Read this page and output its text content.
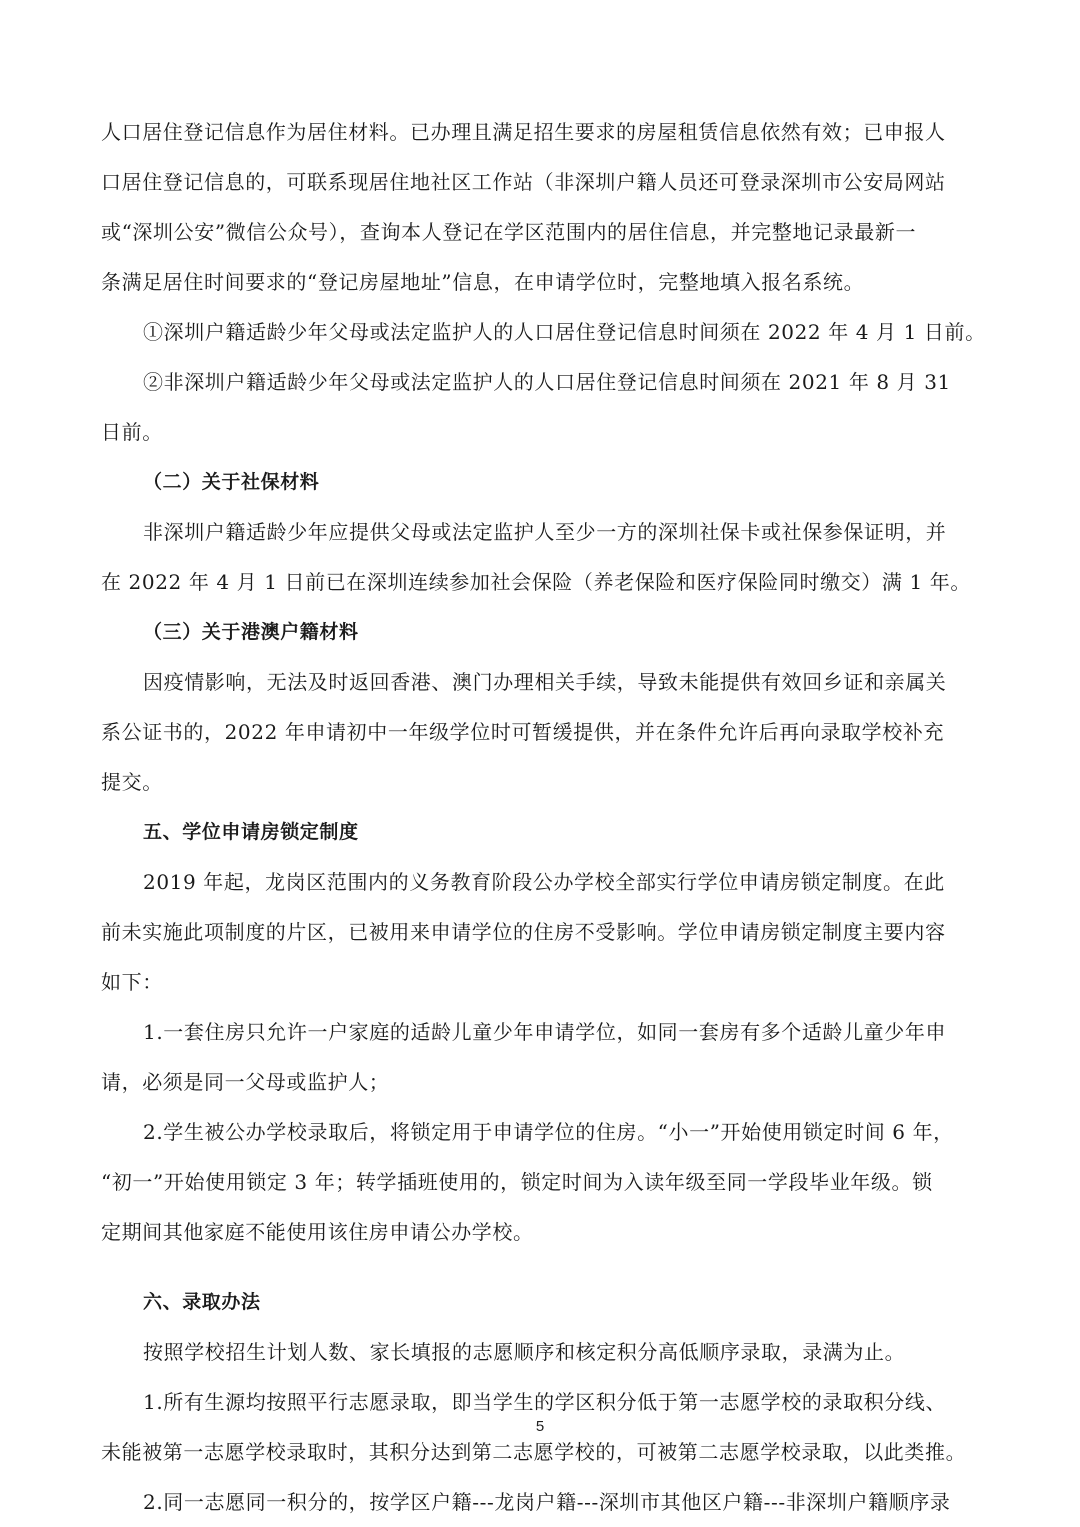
人口居住登记信息作为居住材料。已办理且满足招生要求的房屋租赁信息依然有效；已申报人
口居住登记信息的，可联系现居住地社区工作站（非深圳户籍人员还可登录深圳市公安局网站
或“深圳公安”微信公众号），查询本人登记在学区范围内的居住信息，并完整地记录最新一
条满足居住时间要求的“登记房屋地址”信息，在申请学位时，完整地填入报名系统。
①深圳户籍适龄少年父母或法定监护人的人口居住登记信息时间须在 2022 年 4 月 1 日前。
②非深圳户籍适龄少年父母或法定监护人的人口居住登记信息时间须在 2021 年 8 月 31
日前。
（二）关于社保材料
非深圳户籍适龄少年应提供父母或法定监护人至少一方的深圳社保卡或社保参保证明，并
在 2022 年 4 月 1 日前已在深圳连续参加社会保险（养老保险和医疗保险同时缴交）满 1 年。
（三）关于港澳户籍材料
因疫情影响，无法及时返回香港、澳门办理相关手续，导致未能提供有效回乡证和亲属关
系公证书的，2022 年申请初中一年级学位时可暂缓提供，并在条件允许后再向录取学校补充
提交。
五、学位申请房锁定制度
2019 年起，龙岗区范围内的义务教育阶段公办学校全部实行学位申请房锁定制度。在此
前未实施此项制度的片区，已被用来申请学位的住房不受影响。学位申请房锁定制度主要内容
如下：
1.一套住房只允许一户家庭的适龄儿童少年申请学位，如同一套房有多个适龄儿童少年申
请，必须是同一父母或监护人；
2.学生被公办学校录取后，将锁定用于申请学位的住房。“小一”开始使用锁定时间 6 年，
“初一”开始使用锁定 3 年；转学插班使用的，锁定时间为入读年级至同一学段毕业年级。锁
定期间其他家庭不能使用该住房申请公办学校。
六、录取办法
按照学校招生计划人数、家长填报的志愿顺序和核定积分高低顺序录取，录满为止。
1.所有生源均按照平行志愿录取，即当学生的学区积分低于第一志愿学校的录取积分线、
未能被第一志愿学校录取时，其积分达到第二志愿学校的，可被第二志愿学校录取，以此类推。
2.同一志愿同一积分的，按学区户籍---龙岗户籍---深圳市其他区户籍---非深圳户籍顺序录
5
